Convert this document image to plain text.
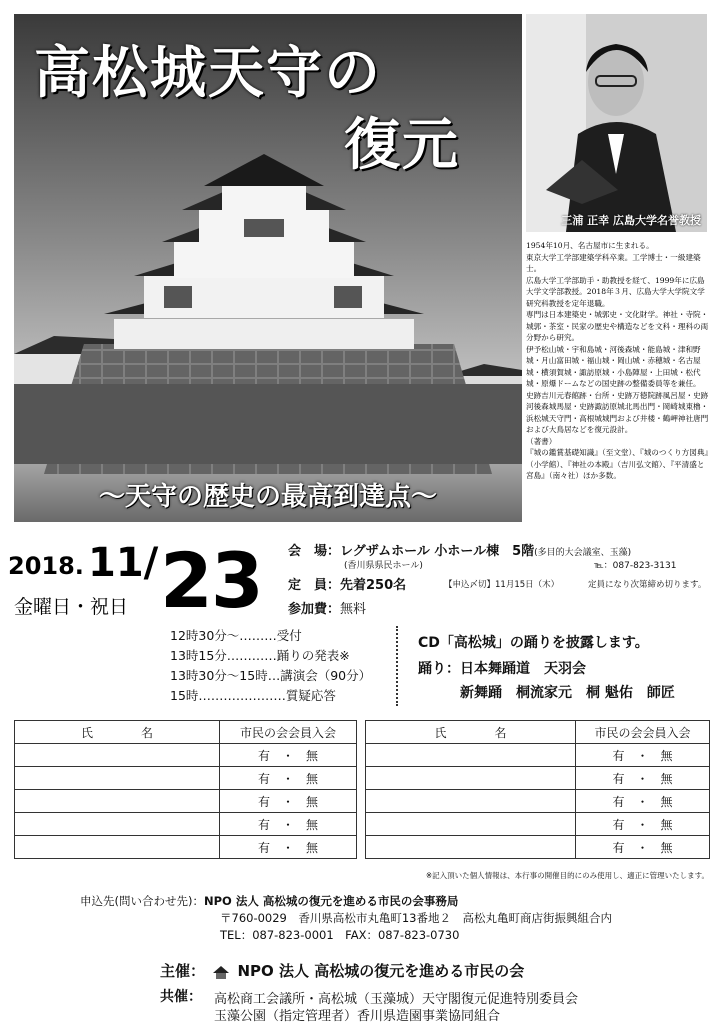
高松城天守の
復元
～天守の歴史の最高到達点～
三浦 正幸 広島大学名誉教授

1954年10月、名古屋市に生まれる。

東京大学工学部建築学科卒業。工学博士・一級建築士。

広島大学工学部助手・助教授を経て、1999年に広島大学文学部教授。2018年３月、広島大学大学院文学研究科教授を定年退職。

専門は日本建築史・城郭史・文化財学。神社・寺院・城郭・茶室・民家の歴史や構造などを文科・理科の両分野から研究。

伊予松山城・宇和島城・河後森城・能島城・津和野城・月山富田城・福山城・岡山城・赤穂城・名古屋城・横須賀城・諏訪原城・小島陣屋・上田城・松代城・原爆ドームなどの国史跡の整備委員等を兼任。

史跡吉川元春館跡・台所・史跡万徳院跡風呂屋・史跡河後森城馬屋・史跡諏訪原城北馬出門・岡崎城東櫓・浜松城天守門・高根城城門および井楼・鶴岬神社唐門および大鳥居などを復元設計。

（著書）

『城の鑑賞基礎知識』（至文堂）、『城のつくり方図典』（小学館）、『神社の本殿』（吉川弘文館）、『平清盛と宮島』（南々社）ほか多数。

2018. 11/ 23
金曜日・祝日
会　場：レグザムホール 小ホール棟　5階(多目的大会議室、玉藻)
(香川県県民ホール)	℡：087-823-3131
定　員：先着250名	【申込〆切】11月15日（木）	定員になり次第締め切ります。
参加費：無料
12時30分～………受付
13時15分…………踊りの発表※
13時30分～15時…講演会（90分）
15時…………………質疑応答
CD「高松城」の踊りを披露します。
踊り： 日本舞踊道　天羽会
新舞踊　桐流家元　桐 魁佑　師匠
氏　　　　名	市民の会会員入会
	有　・　無
	有　・　無
	有　・　無
	有　・　無
	有　・　無
氏　　　　名	市民の会会員入会
	有　・　無
	有　・　無
	有　・　無
	有　・　無
	有　・　無
※記入頂いた個人情報は、本行事の開催目的にのみ使用し、適正に管理いたします。
申込先(問い合わせ先)：NPO 法人 高松城の復元を進める市民の会事務局
〒760-0029　香川県高松市丸亀町13番地２　高松丸亀町商店街振興組合内
TEL：087-823-0001　FAX：087-823-0730
主催： NPO 法人 高松城の復元を進める市民の会
共催： 高松商工会議所・高松城（玉藻城）天守閣復元促進特別委員会
玉藻公園（指定管理者）香川県造園事業協同組合
